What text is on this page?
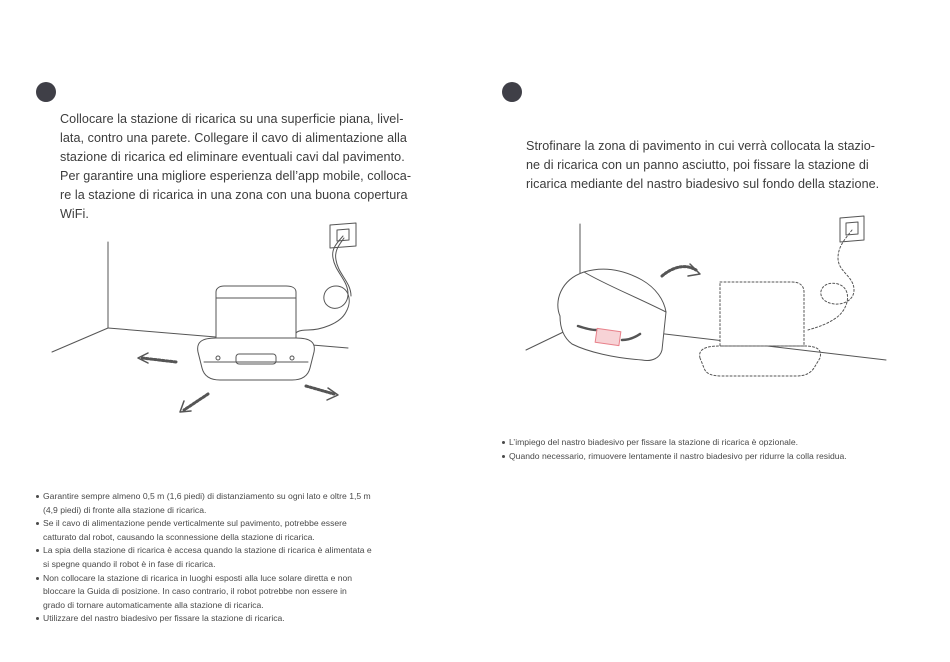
Collocare la stazione di ricarica su una superficie piana, livel-
lata, contro una parete. Collegare il cavo di alimentazione alla
stazione di ricarica ed eliminare eventuali cavi dal pavimento.
Per garantire una migliore esperienza dell’app mobile, colloca-
re la stazione di ricarica in una zona con una buona copertura
WiFi.
Strofinare la zona di pavimento in cui verrà collocata la stazio-
ne di ricarica con un panno asciutto, poi fissare la stazione di
ricarica mediante del nastro biadesivo sul fondo della stazione.
L’impiego del nastro biadesivo per fissare la stazione di ricarica è opzionale.
Quando necessario, rimuovere lentamente il nastro biadesivo per ridurre la colla residua.
Garantire sempre almeno 0,5 m (1,6 piedi) di distanziamento su ogni lato e oltre 1,5 m
(4,9 piedi) di fronte alla stazione di ricarica.
Se il cavo di alimentazione pende verticalmente sul pavimento, potrebbe essere
catturato dal robot, causando la sconnessione della stazione di ricarica.
La spia della stazione di ricarica è accesa quando la stazione di ricarica è alimentata e
si spegne quando il robot è in fase di ricarica.
Non collocare la stazione di ricarica in luoghi esposti alla luce solare diretta e non
bloccare la Guida di posizione. In caso contrario, il robot potrebbe non essere in
grado di tornare automaticamente alla stazione di ricarica.
Utilizzare del nastro biadesivo per fissare la stazione di ricarica.
